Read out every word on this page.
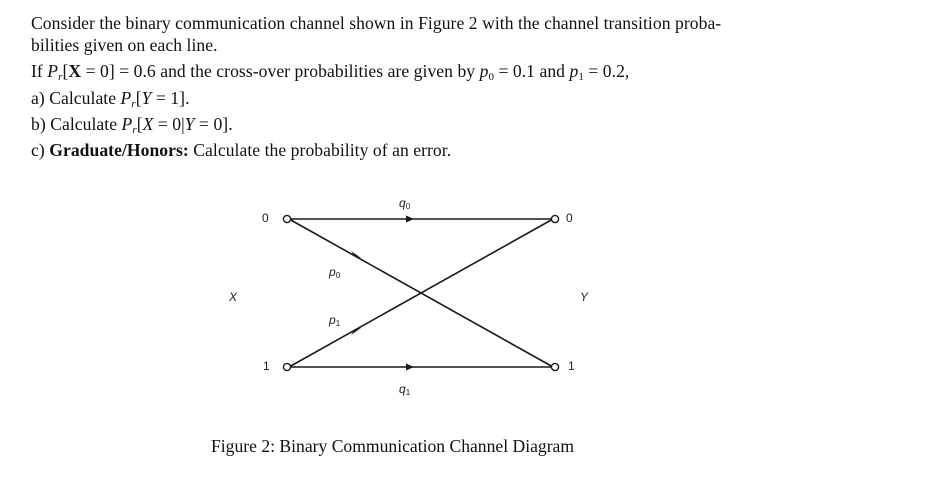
Consider the binary communication channel shown in Figure 2 with the channel transition proba-
bilities given on each line.
If Pr[X = 0] = 0.6 and the cross-over probabilities are given by $p_0 = 0.1$ and $p_1 = 0.2$,
a) Calculate Pr[Y = 1].
b) Calculate Pr[X = 0|Y = 0].
c) Graduate/Honors: Calculate the probability of an error.
0
1
0
1
X	Y
q0
p0
p1
q1
Figure 2: Binary Communication Channel Diagram
